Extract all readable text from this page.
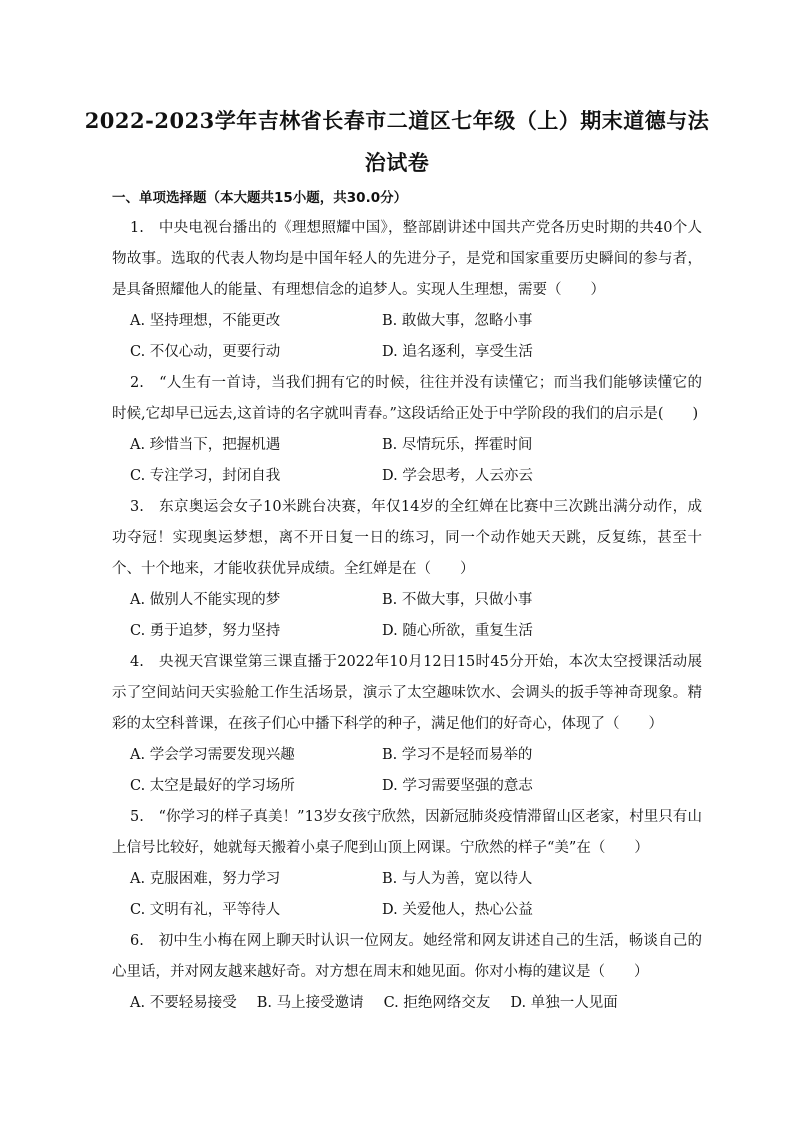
2022-2023学年吉林省长春市二道区七年级（上）期末道德与法
治试卷

一、单项选择题（本大题共15小题，共30.0分）

1.　中央电视台播出的《理想照耀中国》，整部剧讲述中国共产党各历史时期的共40个人物故事。选取的代表人物均是中国年轻人的先进分子，是党和国家重要历史瞬间的参与者，是具备照耀他人的能量、有理想信念的追梦人。实现人生理想，需要（　　）

A. 坚持理想，不能更改	B. 敢做大事，忽略小事
C. 不仅心动，更要行动	D. 追名逐利，享受生活

2.　“人生有一首诗，当我们拥有它的时候，往往并没有读懂它；而当我们能够读懂它的时候,它却早已远去,这首诗的名字就叫青春。”这段话给正处于中学阶段的我们的启示是(　　)

A. 珍惜当下，把握机遇	B. 尽情玩乐，挥霍时间
C. 专注学习，封闭自我	D. 学会思考，人云亦云

3.　东京奥运会女子10米跳台决赛，年仅14岁的全红婵在比赛中三次跳出满分动作，成功夺冠！实现奥运梦想，离不开日复一日的练习，同一个动作她天天跳，反复练，甚至十个、十个地来，才能收获优异成绩。全红婵是在（　　）

A. 做别人不能实现的梦	B. 不做大事，只做小事
C. 勇于追梦，努力坚持	D. 随心所欲，重复生活

4.　央视天宫课堂第三课直播于2022年10月12日15时45分开始，本次太空授课活动展示了空间站问天实验舱工作生活场景，演示了太空趣味饮水、会调头的扳手等神奇现象。精彩的太空科普课，在孩子们心中播下科学的种子，满足他们的好奇心，体现了（　　）

A. 学会学习需要发现兴趣	B. 学习不是轻而易举的
C. 太空是最好的学习场所	D. 学习需要坚强的意志

5.　“你学习的样子真美！”13岁女孩宁欣然，因新冠肺炎疫情滞留山区老家，村里只有山上信号比较好，她就每天搬着小桌子爬到山顶上网课。宁欣然的样子“美”在（　　）

A. 克服困难，努力学习	B. 与人为善，宽以待人
C. 文明有礼，平等待人	D. 关爱他人，热心公益

6.　初中生小梅在网上聊天时认识一位网友。她经常和网友讲述自己的生活，畅谈自己的心里话，并对网友越来越好奇。对方想在周末和她见面。你对小梅的建议是（　　）

A. 不要轻易接受 B. 马上接受邀请 C. 拒绝网络交友 D. 单独一人见面
